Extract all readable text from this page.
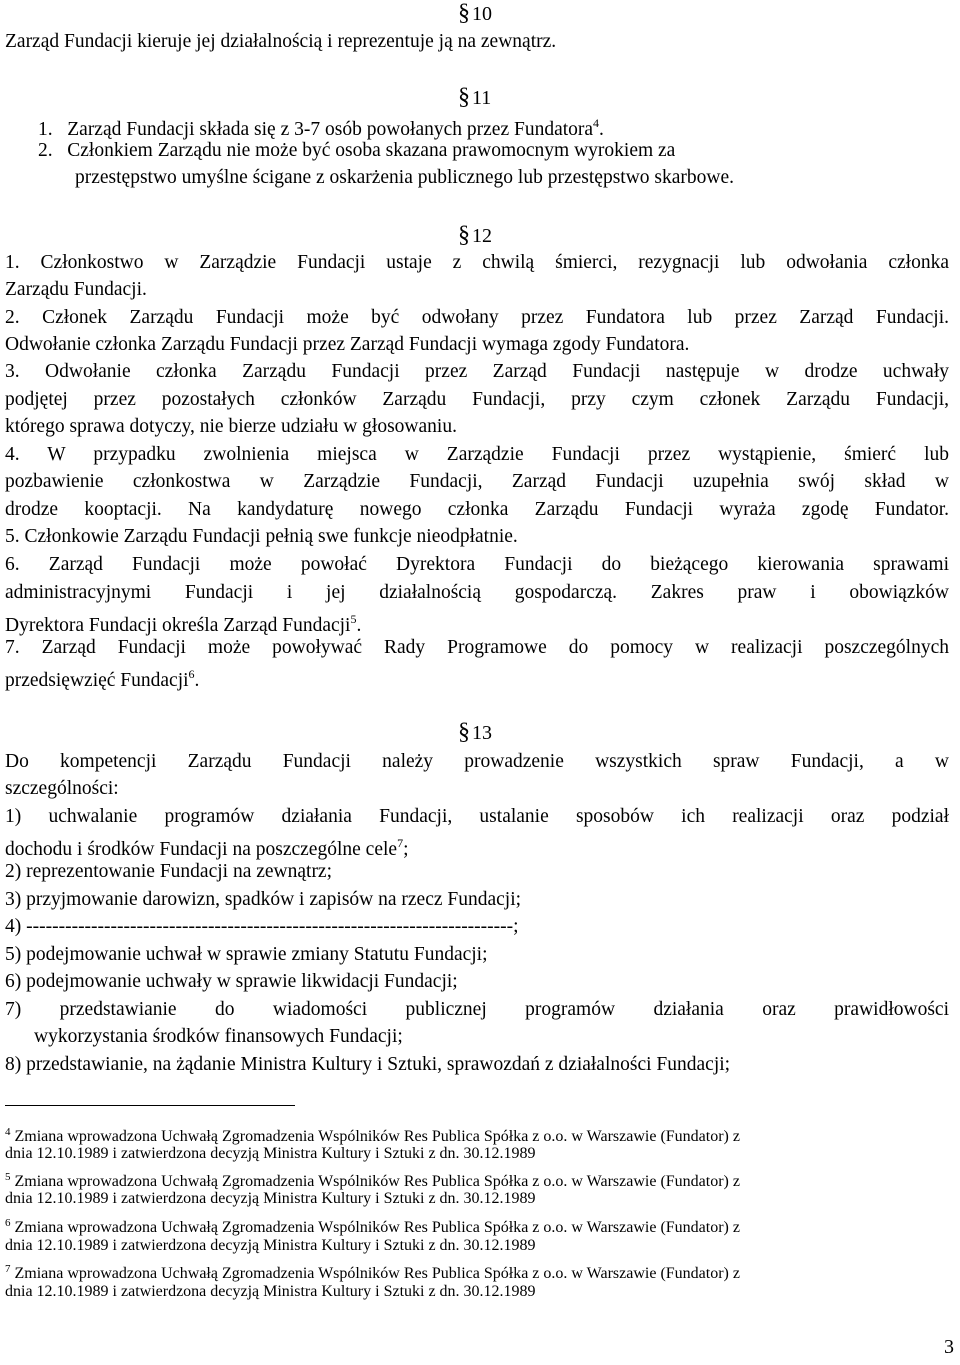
§ 10
Zarząd Fundacji kieruje jej działalnością i reprezentuje ją na zewnątrz.
§ 11
1. Zarząd Fundacji składa się z 3-7 osób powołanych przez Fundatora$^4$.
2. Członkiem Zarządu nie może być osoba skazana prawomocnym wyrokiem za
przestępstwo umyślne ścigane z oskarżenia publicznego lub przestępstwo skarbowe.
§ 12
1. Członkostwo w Zarządzie Fundacji ustaje z chwilą śmierci, rezygnacji lub odwołania członka
Zarządu Fundacji.
2. Członek Zarządu Fundacji może być odwołany przez Fundatora lub przez Zarząd Fundacji.
Odwołanie członka Zarządu Fundacji przez Zarząd Fundacji wymaga zgody Fundatora.
3. Odwołanie członka Zarządu Fundacji przez Zarząd Fundacji następuje w drodze uchwały
podjętej przez pozostałych członków Zarządu Fundacji, przy czym członek Zarządu Fundacji,
którego sprawa dotyczy, nie bierze udziału w głosowaniu.
4. W przypadku zwolnienia miejsca w Zarządzie Fundacji przez wystąpienie, śmierć lub
pozbawienie członkostwa w Zarządzie Fundacji, Zarząd Fundacji uzupełnia swój skład w
drodze kooptacji. Na kandydaturę nowego członka Zarządu Fundacji wyraża zgodę Fundator.
5. Członkowie Zarządu Fundacji pełnią swe funkcje nieodpłatnie.
6. Zarząd Fundacji może powołać Dyrektora Fundacji do bieżącego kierowania sprawami
administracyjnymi Fundacji i jej działalnością gospodarczą. Zakres praw i obowiązków
Dyrektora Fundacji określa Zarząd Fundacji$^5$.
7. Zarząd Fundacji może powoływać Rady Programowe do pomocy w realizacji poszczególnych
przedsięwzięć Fundacji$^6$.
§ 13
Do kompetencji Zarządu Fundacji należy prowadzenie wszystkich spraw Fundacji, a w
szczególności:
1) uchwalanie programów działania Fundacji, ustalanie sposobów ich realizacji oraz podział
dochodu i środków Fundacji na poszczególne cele$^7$;
2) reprezentowanie Fundacji na zewnątrz;
3) przyjmowanie darowizn, spadków i zapisów na rzecz Fundacji;
4) ---------------------------------------------------------------------------;
5) podejmowanie uchwał w sprawie zmiany Statutu Fundacji;
6) podejmowanie uchwały w sprawie likwidacji Fundacji;
7) przedstawianie do wiadomości publicznej programów działania oraz prawidłowości
wykorzystania środków finansowych Fundacji;
8) przedstawianie, na żądanie Ministra Kultury i Sztuki, sprawozdań z działalności Fundacji;
$^4$ Zmiana wprowadzona Uchwałą Zgromadzenia Wspólników Res Publica Spółka z o.o. w Warszawie (Fundator) z
dnia 12.10.1989 i zatwierdzona decyzją Ministra Kultury i Sztuki z dn. 30.12.1989
$^5$ Zmiana wprowadzona Uchwałą Zgromadzenia Wspólników Res Publica Spółka z o.o. w Warszawie (Fundator) z
dnia 12.10.1989 i zatwierdzona decyzją Ministra Kultury i Sztuki z dn. 30.12.1989
$^6$ Zmiana wprowadzona Uchwałą Zgromadzenia Wspólników Res Publica Spółka z o.o. w Warszawie (Fundator) z
dnia 12.10.1989 i zatwierdzona decyzją Ministra Kultury i Sztuki z dn. 30.12.1989
$^7$ Zmiana wprowadzona Uchwałą Zgromadzenia Wspólników Res Publica Spółka z o.o. w Warszawie (Fundator) z
dnia 12.10.1989 i zatwierdzona decyzją Ministra Kultury i Sztuki z dn. 30.12.1989
3
